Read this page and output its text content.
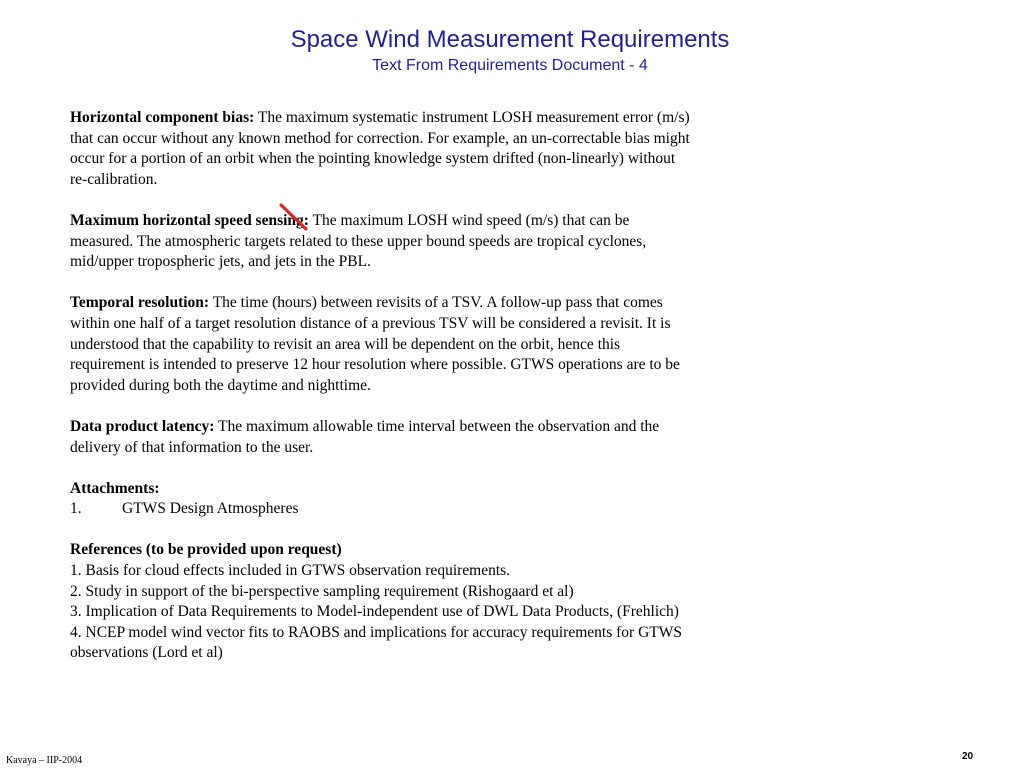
Space Wind Measurement Requirements
Text From Requirements Document - 4
Horizontal component bias: The maximum systematic instrument LOSH measurement error (m/s) that can occur without any known method for correction. For example, an un-correctable bias might occur for a portion of an orbit when the pointing knowledge system drifted (non-linearly) without re-calibration.
Maximum horizontal speed sensing: The maximum LOSH wind speed (m/s) that can be measured. The atmospheric targets related to these upper bound speeds are tropical cyclones, mid/upper tropospheric jets, and jets in the PBL.
Temporal resolution: The time (hours) between revisits of a TSV. A follow-up pass that comes within one half of a target resolution distance of a previous TSV will be considered a revisit. It is understood that the capability to revisit an area will be dependent on the orbit, hence this requirement is intended to preserve 12 hour resolution where possible. GTWS operations are to be provided during both the daytime and nighttime.
Data product latency: The maximum allowable time interval between the observation and the delivery of that information to the user.
Attachments:
1.	GTWS Design Atmospheres
References (to be provided upon request)

1. Basis for cloud effects included in GTWS observation requirements.

2. Study in support of the bi-perspective sampling requirement (Rishogaard et al)

3. Implication of Data Requirements to Model-independent use of DWL Data Products, (Frehlich)

4. NCEP model wind vector fits to RAOBS and implications for accuracy requirements for GTWS observations (Lord et al)

Kavaya – IIP-2004	20
